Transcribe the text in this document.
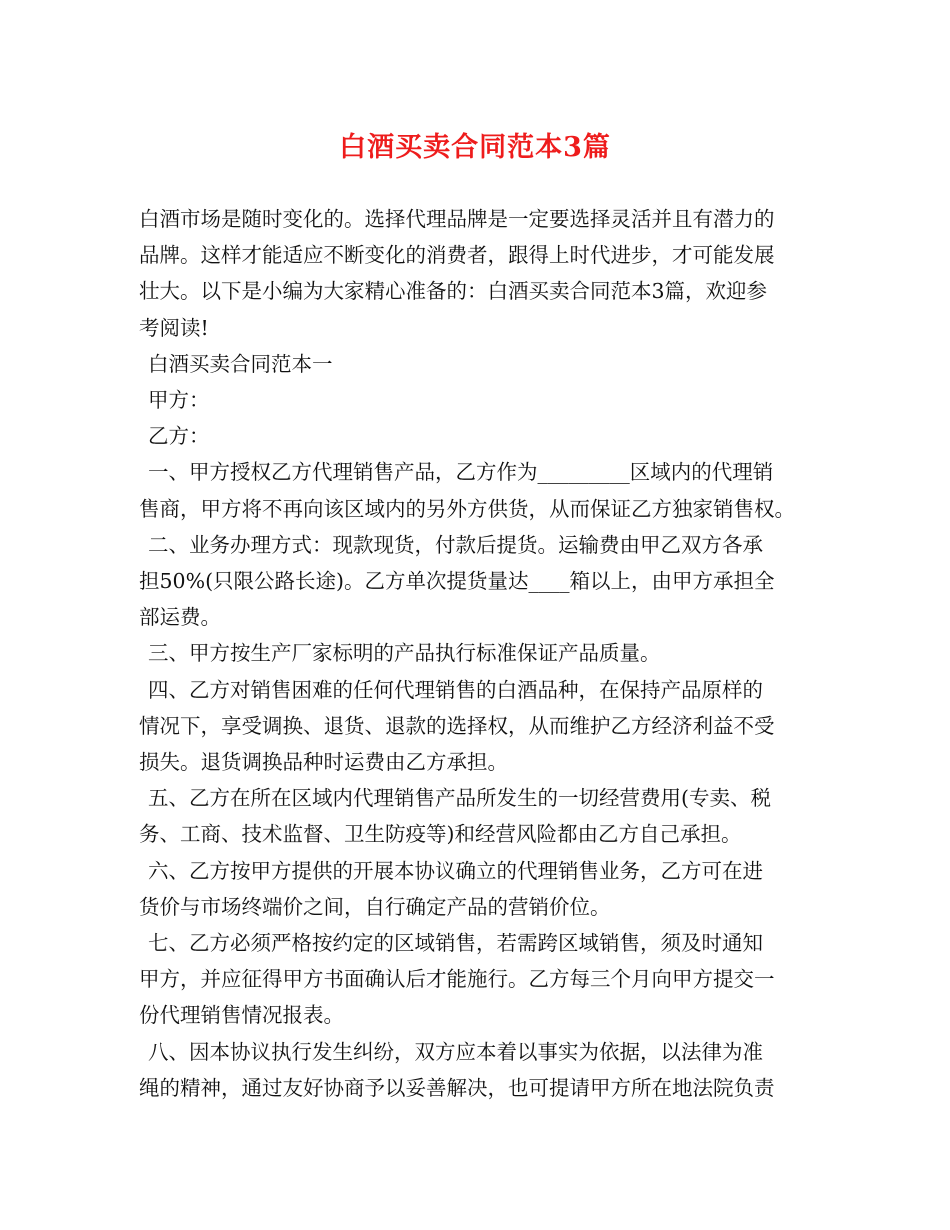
白酒买卖合同范本3篇

白酒市场是随时变化的。选择代理品牌是一定要选择灵活并且有潜力的

品牌。这样才能适应不断变化的消费者，跟得上时代进步，才可能发展

壮大。以下是小编为大家精心准备的：白酒买卖合同范本3篇，欢迎参

考阅读!

白酒买卖合同范本一

甲方：

乙方：

一、甲方授权乙方代理销售产品，乙方作为_________区域内的代理销

售商，甲方将不再向该区域内的另外方供货，从而保证乙方独家销售权。

二、业务办理方式：现款现货，付款后提货。运输费由甲乙双方各承

担50%(只限公路长途)。乙方单次提货量达____箱以上，由甲方承担全

部运费。

三、甲方按生产厂家标明的产品执行标准保证产品质量。

四、乙方对销售困难的任何代理销售的白酒品种，在保持产品原样的

情况下，享受调换、退货、退款的选择权，从而维护乙方经济利益不受

损失。退货调换品种时运费由乙方承担。

五、乙方在所在区域内代理销售产品所发生的一切经营费用(专卖、税

务、工商、技术监督、卫生防疫等)和经营风险都由乙方自己承担。

六、乙方按甲方提供的开展本协议确立的代理销售业务，乙方可在进

货价与市场终端价之间，自行确定产品的营销价位。

七、乙方必须严格按约定的区域销售，若需跨区域销售，须及时通知

甲方，并应征得甲方书面确认后才能施行。乙方每三个月向甲方提交一

份代理销售情况报表。

八、因本协议执行发生纠纷，双方应本着以事实为依据，以法律为准

绳的精神，通过友好协商予以妥善解决，也可提请甲方所在地法院负责
